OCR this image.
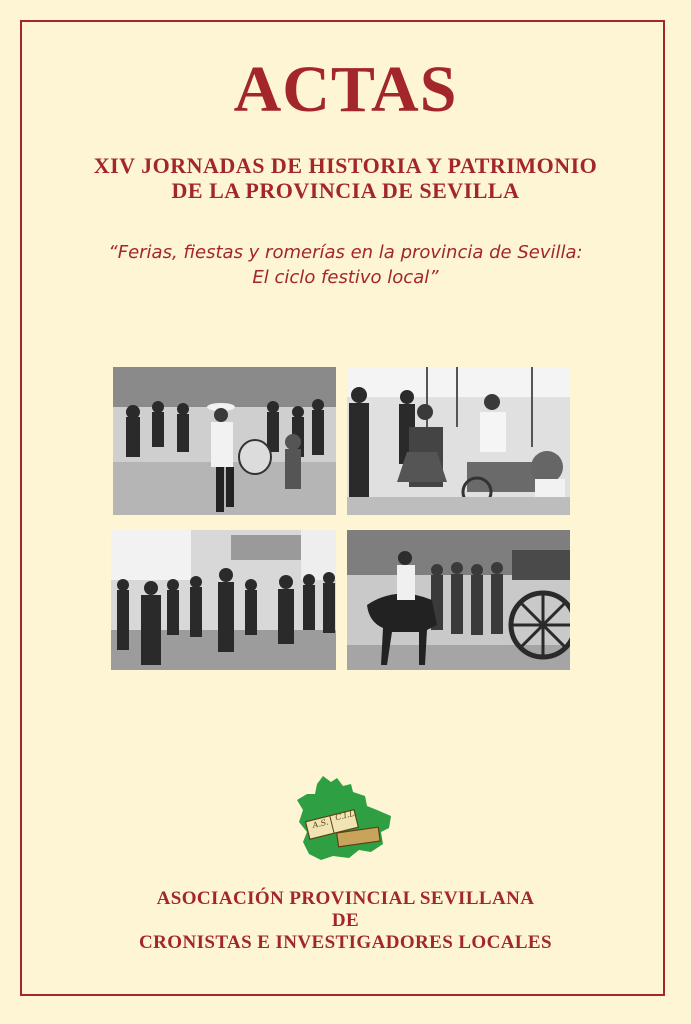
ACTAS
XIV JORNADAS DE HISTORIA Y PATRIMONIO
DE LA PROVINCIA DE SEVILLA
“Ferias, fiestas y romerías en la provincia de Sevilla:
El ciclo festivo local”
A.S.
C.I.L.
ASOCIACIÓN PROVINCIAL SEVILLANA
DE
CRONISTAS E INVESTIGADORES LOCALES
